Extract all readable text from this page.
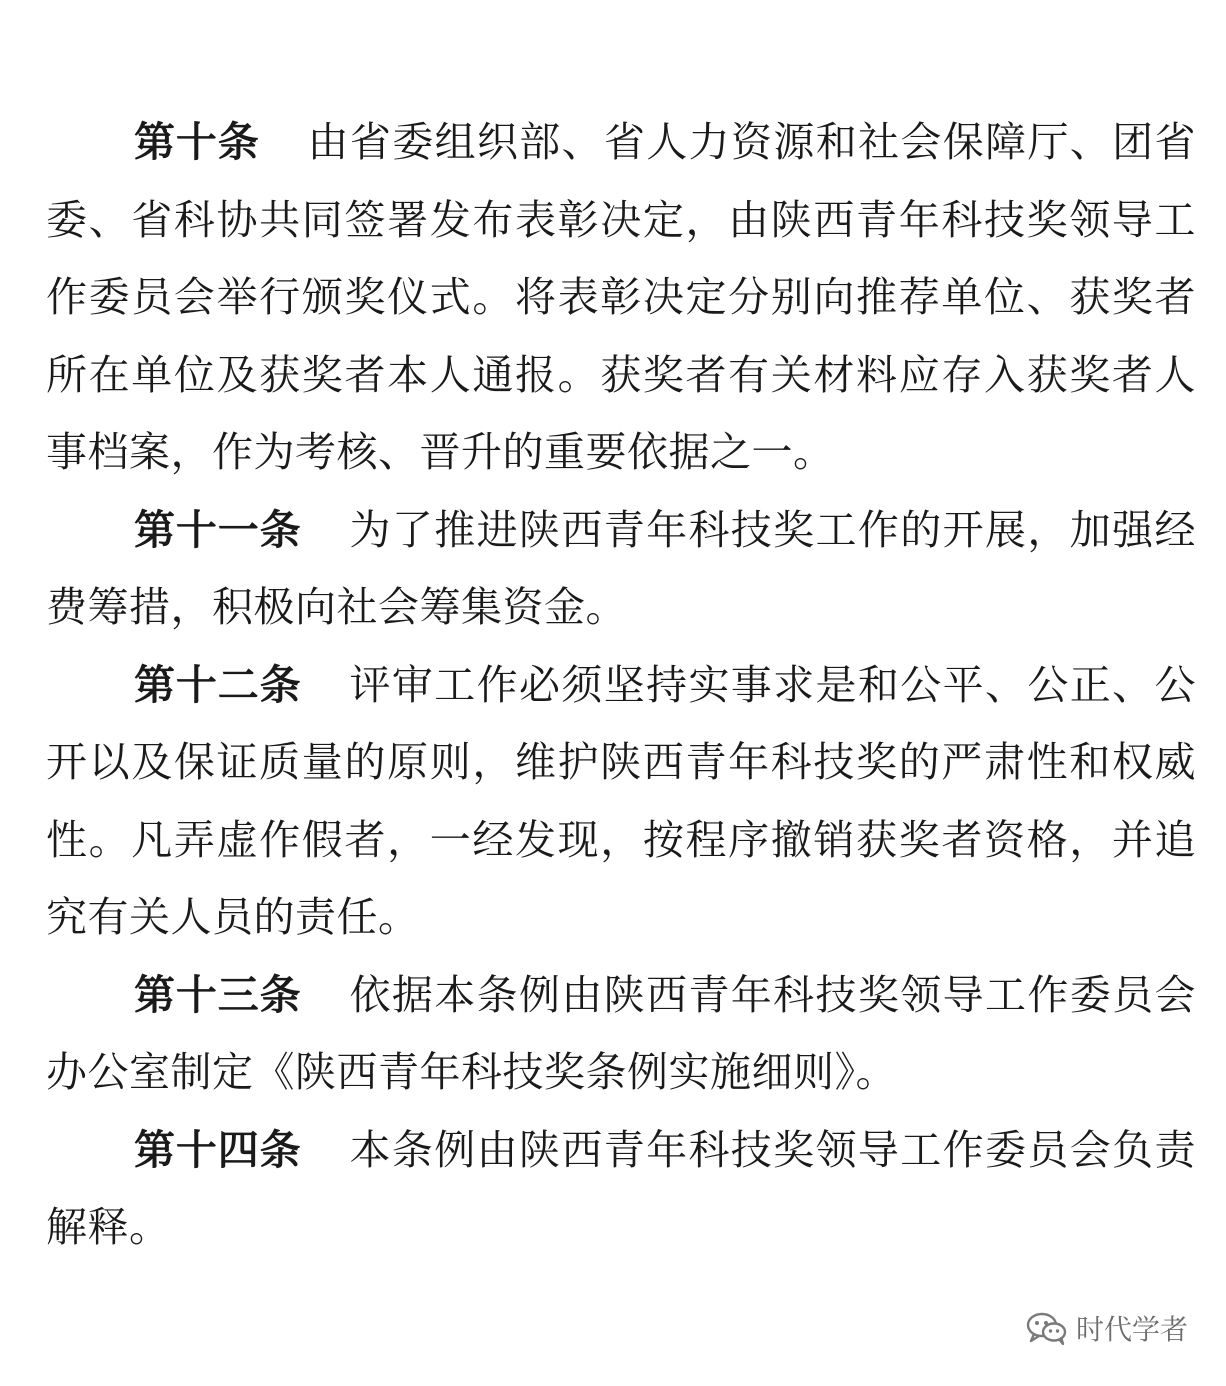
第十条 由省委组织部、省人力资源和社会保障厅、团省委、省科协共同签署发布表彰决定，由陕西青年科技奖领导工作委员会举行颁奖仪式。将表彰决定分别向推荐单位、获奖者所在单位及获奖者本人通报。获奖者有关材料应存入获奖者人事档案，作为考核、晋升的重要依据之一。

第十一条 为了推进陕西青年科技奖工作的开展，加强经费筹措，积极向社会筹集资金。

第十二条 评审工作必须坚持实事求是和公平、公正、公开以及保证质量的原则，维护陕西青年科技奖的严肃性和权威性。凡弄虚作假者，一经发现，按程序撤销获奖者资格，并追究有关人员的责任。

第十三条 依据本条例由陕西青年科技奖领导工作委员会办公室制定《陕西青年科技奖条例实施细则》。

第十四条 本条例由陕西青年科技奖领导工作委员会负责解释。

时代学者
